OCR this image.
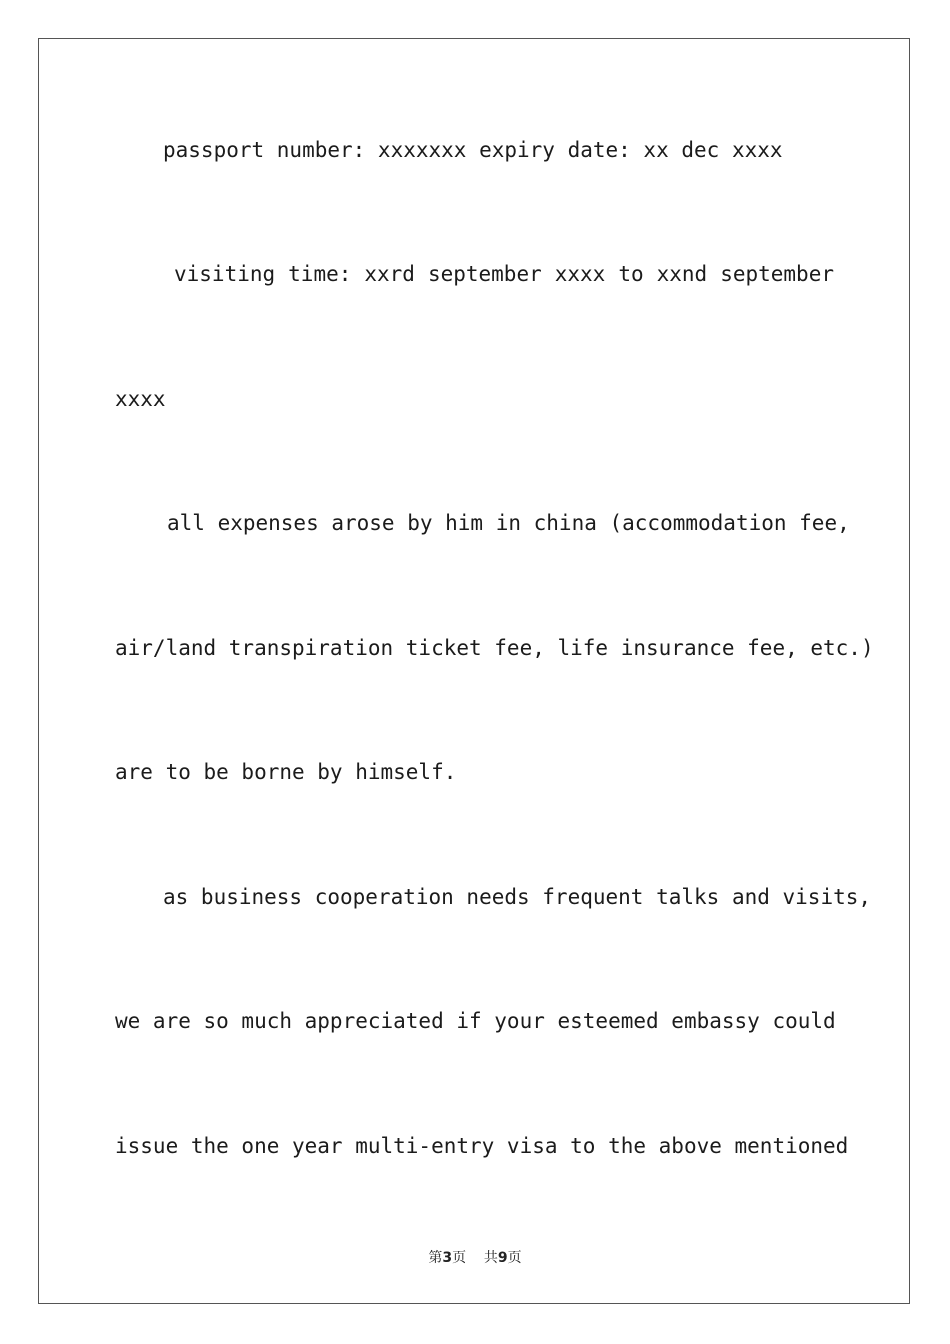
passport number: xxxxxxx expiry date: xx dec xxxx
visiting time: xxrd september xxxx to xxnd september
xxxx
all expenses arose by him in china (accommodation fee,
air/land transpiration ticket fee, life insurance fee, etc.)
are to be borne by himself.
as business cooperation needs frequent talks and visits,
we are so much appreciated if your esteemed embassy could
issue the one year multi-entry visa to the above mentioned
第3页 共9页
